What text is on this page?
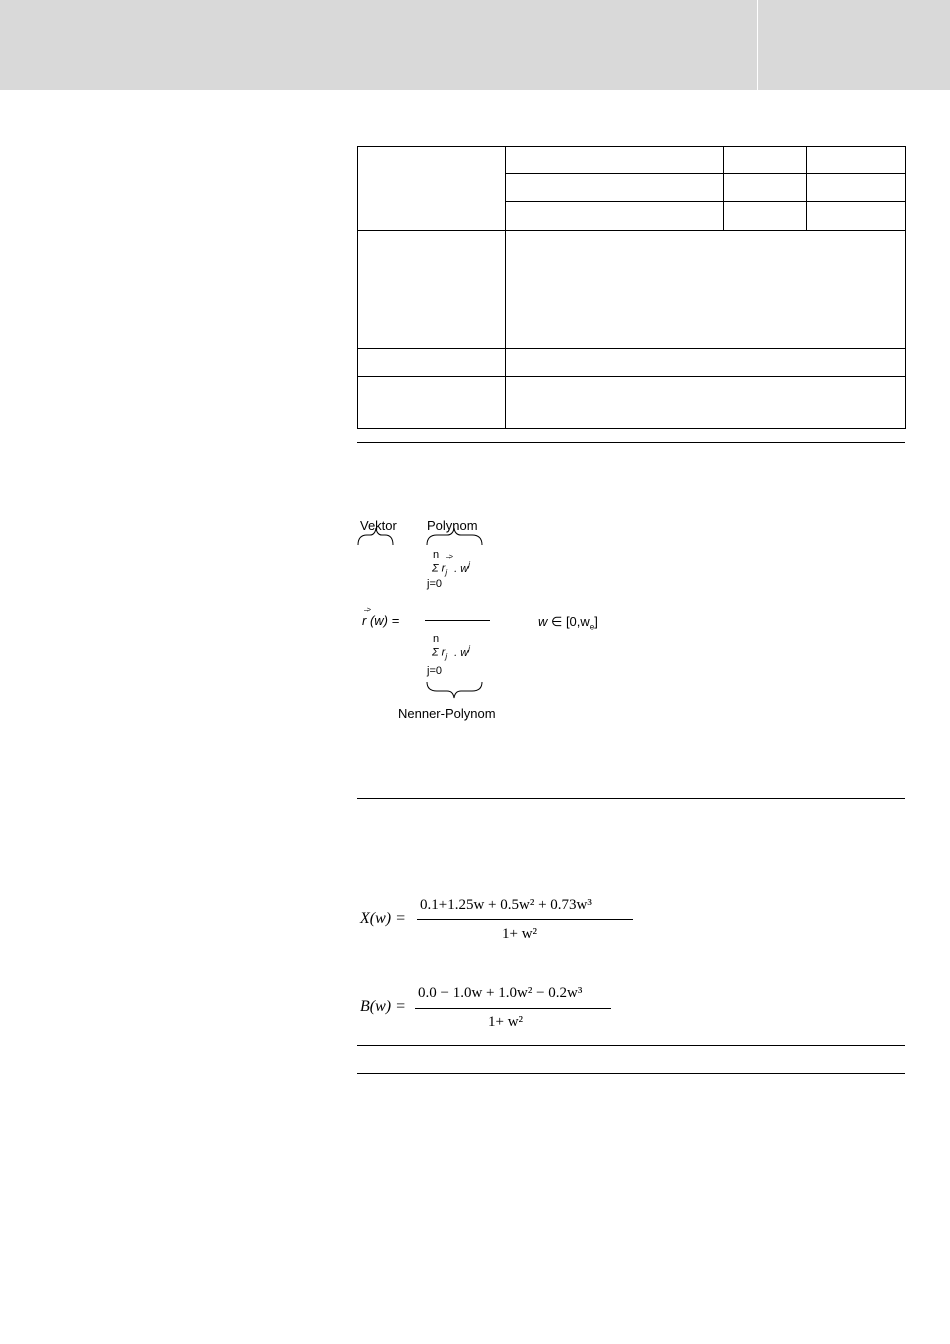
Vektor Polynom
n –>
Σ $r_j$ . $w^j$
j=0
–>
r (w) =	w ∈ $[0,w_e]$
n
Σ $r_j$ . $w^j$
j=0
Nenner-Polynom
X(w) =
0.1+1.25w + 0.5w² + 0.73w³
1+ w²
B(w) =
0.0 − 1.0w + 1.0w² − 0.2w³
1+ w²
